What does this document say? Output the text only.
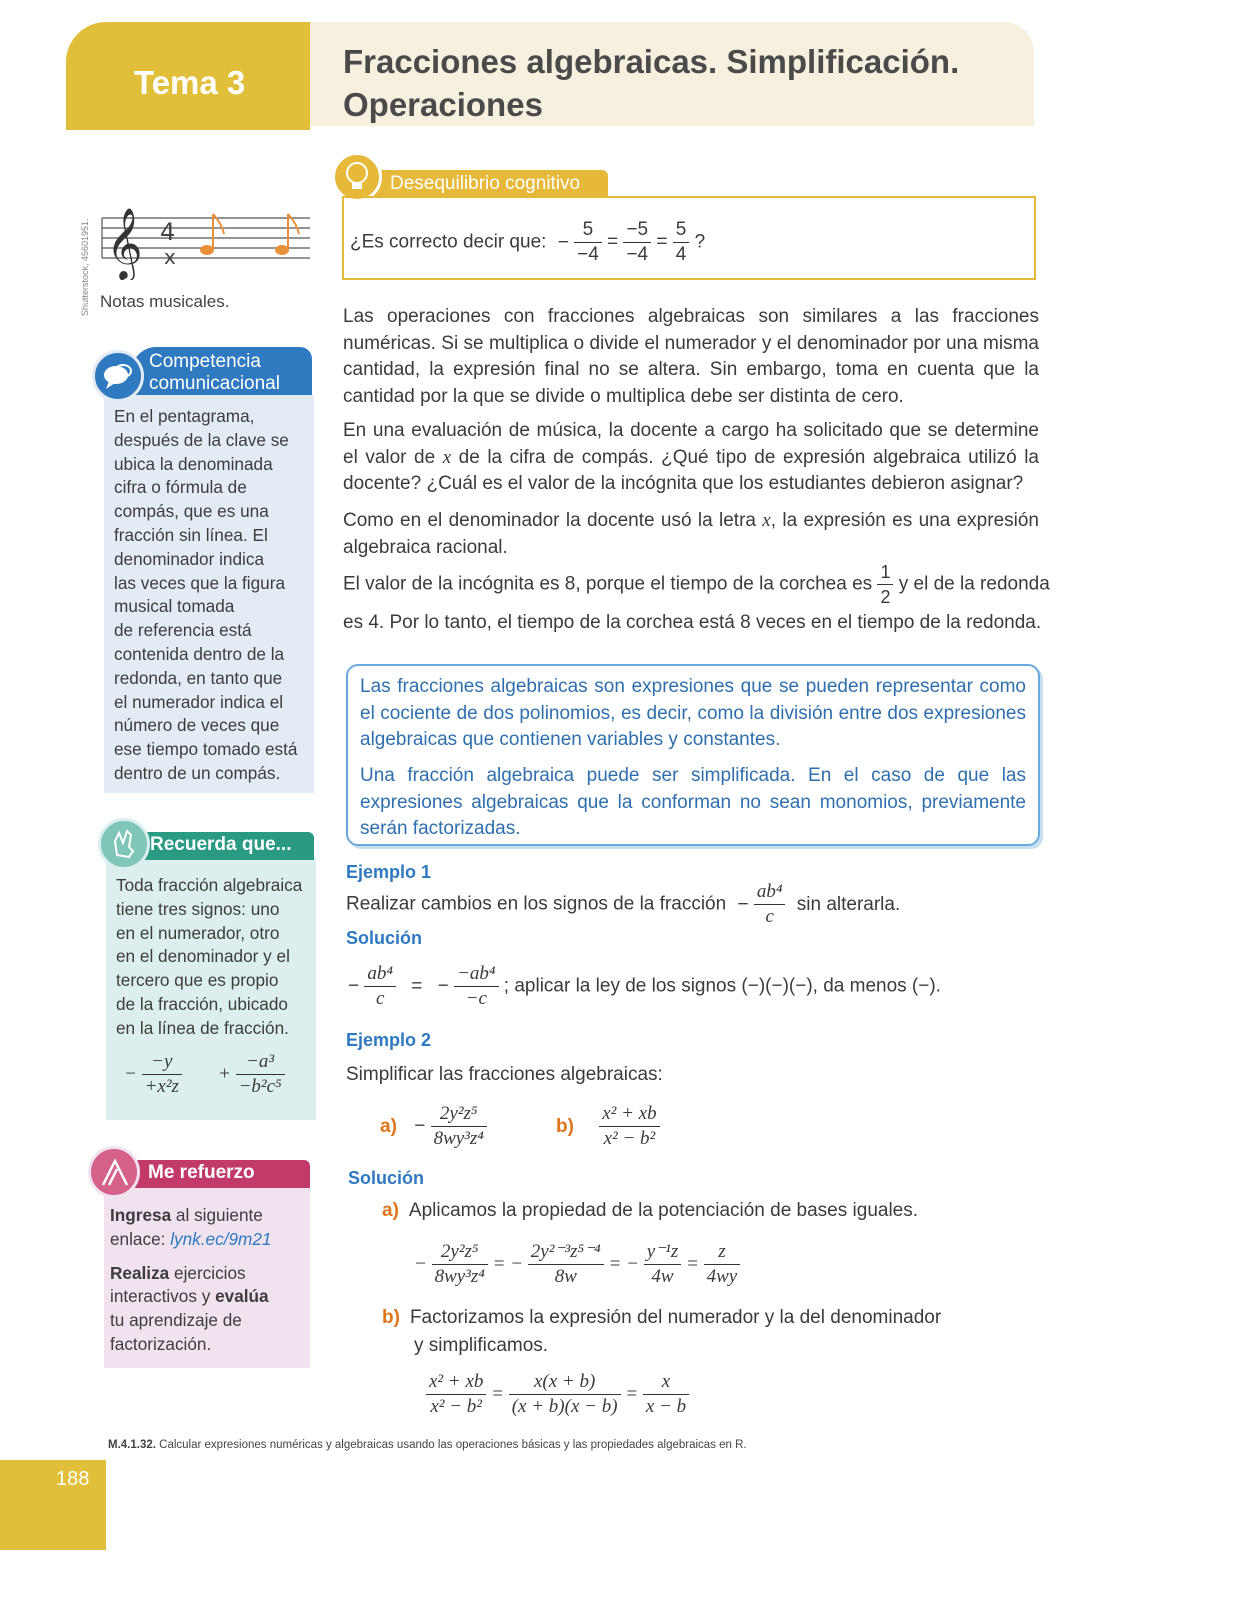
Tema 3
Fracciones algebraicas. Simplificación.
Operaciones
Shutterstock, 45601951. 𝄞 4
x
Notas musicales.
Competencia
comunicacional
En el pentagrama,
después de la clave se
ubica la denominada
cifra o fórmula de
compás, que es una
fracción sin línea. El
denominador indica
las veces que la figura
musical tomada
de referencia está
contenida dentro de la
redonda, en tanto que
el numerador indica el
número de veces que
ese tiempo tomado está
dentro de un compás.
Recuerda que...
Toda fracción algebraica
tiene tres signos: uno
en el numerador, otro
en el denominador y el
tercero que es propio
de la fracción, ubicado
en la línea de fracción.
− $\frac{-y}{\text{+x²z}} + \frac{\text{−a³}}{\text{−b²c⁵}}$
Me refuerzo
Ingresa al siguiente
enlace: lynk.ec/9m21
Realiza ejercicios
interactivos y evalúa
tu aprendizaje de
factorización.
Desequilibrio cognitivo
¿Es correcto decir que: − $\frac{5}{-4} = \frac{-5}{-4} = \frac{5}{4}$ ?
Las operaciones con fracciones algebraicas son similares a las fracciones numéricas. Si se multiplica o divide el numerador y el denominador por una misma cantidad, la expresión final no se altera. Sin embargo, toma en cuenta que la cantidad por la que se divide o multiplica debe ser distinta de cero.
En una evaluación de música, la docente a cargo ha solicitado que se determine el valor de x de la cifra de compás. ¿Qué tipo de expresión algebraica utilizó la docente? ¿Cuál es el valor de la incógnita que los estudiantes debieron asignar?
Como en el denominador la docente usó la letra x, la expresión es una expresión algebraica racional.
El valor de la incógnita es 8, porque el tiempo de la corchea es $\frac{1}{2}$ y el de la redonda
es 4. Por lo tanto, el tiempo de la corchea está 8 veces en el tiempo de la redonda.
Las fracciones algebraicas son expresiones que se pueden representar como el cociente de dos polinomios, es decir, como la división entre dos expresiones algebraicas que contienen variables y constantes.
Una fracción algebraica puede ser simplificada. En el caso de que las expresiones algebraicas que la conforman no sean monomios, previamente serán factorizadas.
Ejemplo 1
Realizar cambios en los signos de la fracción − $\frac{\text{ab⁴}}{c}$ sin alterarla.
Solución
− $\frac{\text{ab⁴}}{c}$ = − $\frac{\text{−ab⁴}}{-c}$ ; aplicar la ley de los signos (−)(−)(−), da menos (−).
Ejemplo 2
Simplificar las fracciones algebraicas:
$a) - \frac{\text{2y²z⁵}}{\text{8wy³z⁴}}$	$b) \frac{\text{x² + xb}}{\text{x² − b²}}$
Solución
a) Aplicamos la propiedad de la potenciación de bases iguales.
− $\frac{\text{2y²z⁵}}{\text{8wy³z⁴}}$ = − $\frac{\text{2y²⁻³z⁵⁻⁴}}{8w}$ = − $\frac{\text{y⁻¹z}}{4w} = \frac{z}{4wy}$
b) Factorizamos la expresión del numerador y la del denominador
y simplificamos.
$\frac{\text{x² + xb}}{\text{x² − b²}} = \frac{x(x + b)}{(x + b)(x - b)} = \frac{x}{x - b}$
M.4.1.32. Calcular expresiones numéricas y algebraicas usando las operaciones básicas y las propiedades algebraicas en R.
188
